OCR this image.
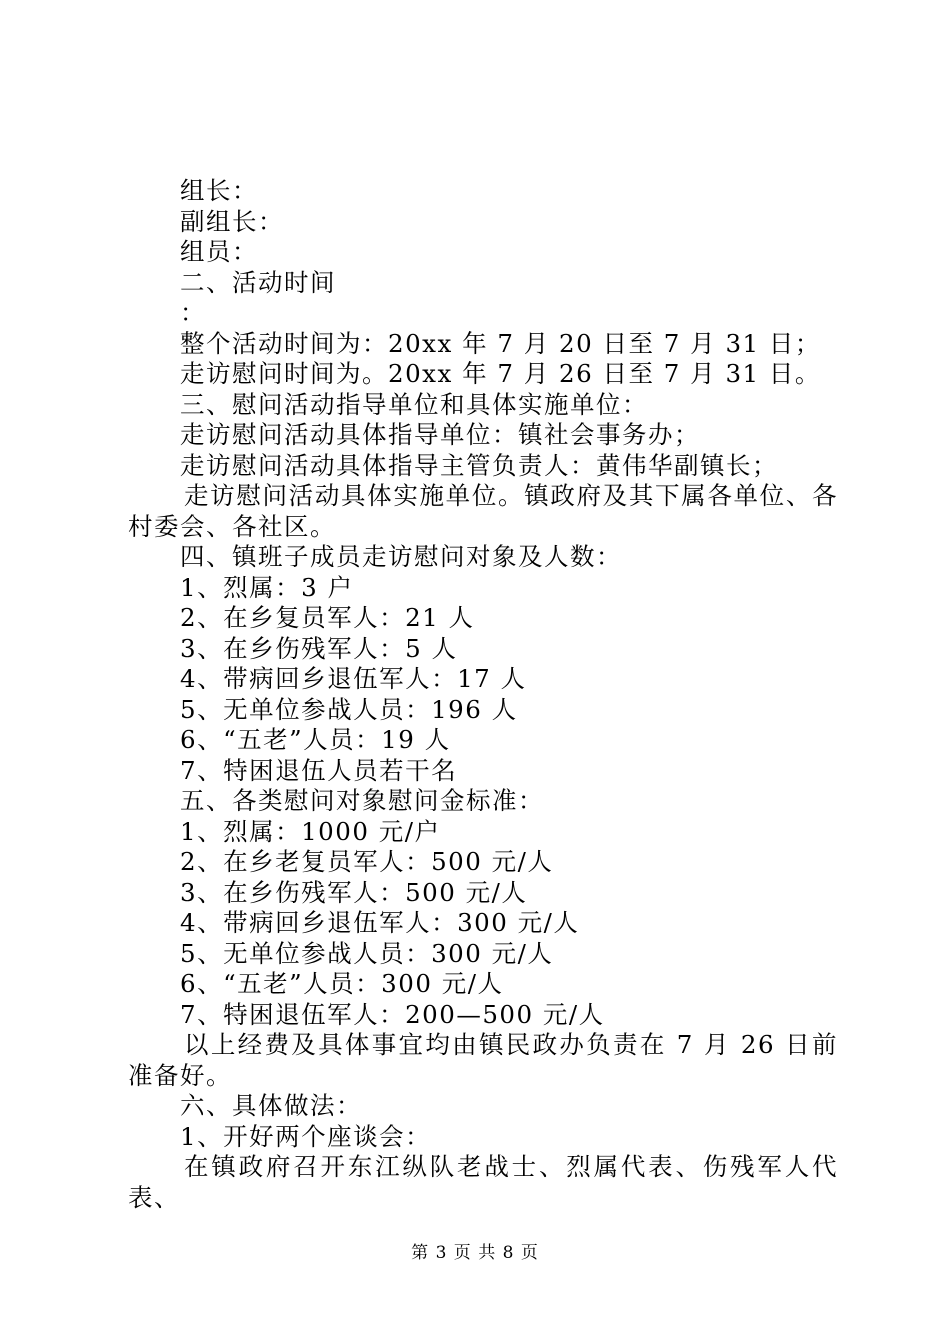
组长：
副组长：
组员：
二、活动时间
：
整个活动时间为：20xx 年 7 月 20 日至 7 月 31 日；
走访慰问时间为。20xx 年 7 月 26 日至 7 月 31 日。
三、慰问活动指导单位和具体实施单位：
走访慰问活动具体指导单位：镇社会事务办；
走访慰问活动具体指导主管负责人：黄伟华副镇长；
走访慰问活动具体实施单位。镇政府及其下属各单位、各村委会、各社区。
四、镇班子成员走访慰问对象及人数：
1、烈属：3 户
2、在乡复员军人：21 人
3、在乡伤残军人：5 人
4、带病回乡退伍军人：17 人
5、无单位参战人员：196 人
6、“五老”人员：19 人
7、特困退伍人员若干名
五、各类慰问对象慰问金标准：
1、烈属：1000 元/户
2、在乡老复员军人：500 元/人
3、在乡伤残军人：500 元/人
4、带病回乡退伍军人：300 元/人
5、无单位参战人员：300 元/人
6、“五老”人员：300 元/人
7、特困退伍军人：200—500 元/人
以上经费及具体事宜均由镇民政办负责在 7 月 26 日前准备好。
六、具体做法：
1、开好两个座谈会：
在镇政府召开东江纵队老战士、烈属代表、伤残军人代表、
第 3 页 共 8 页
